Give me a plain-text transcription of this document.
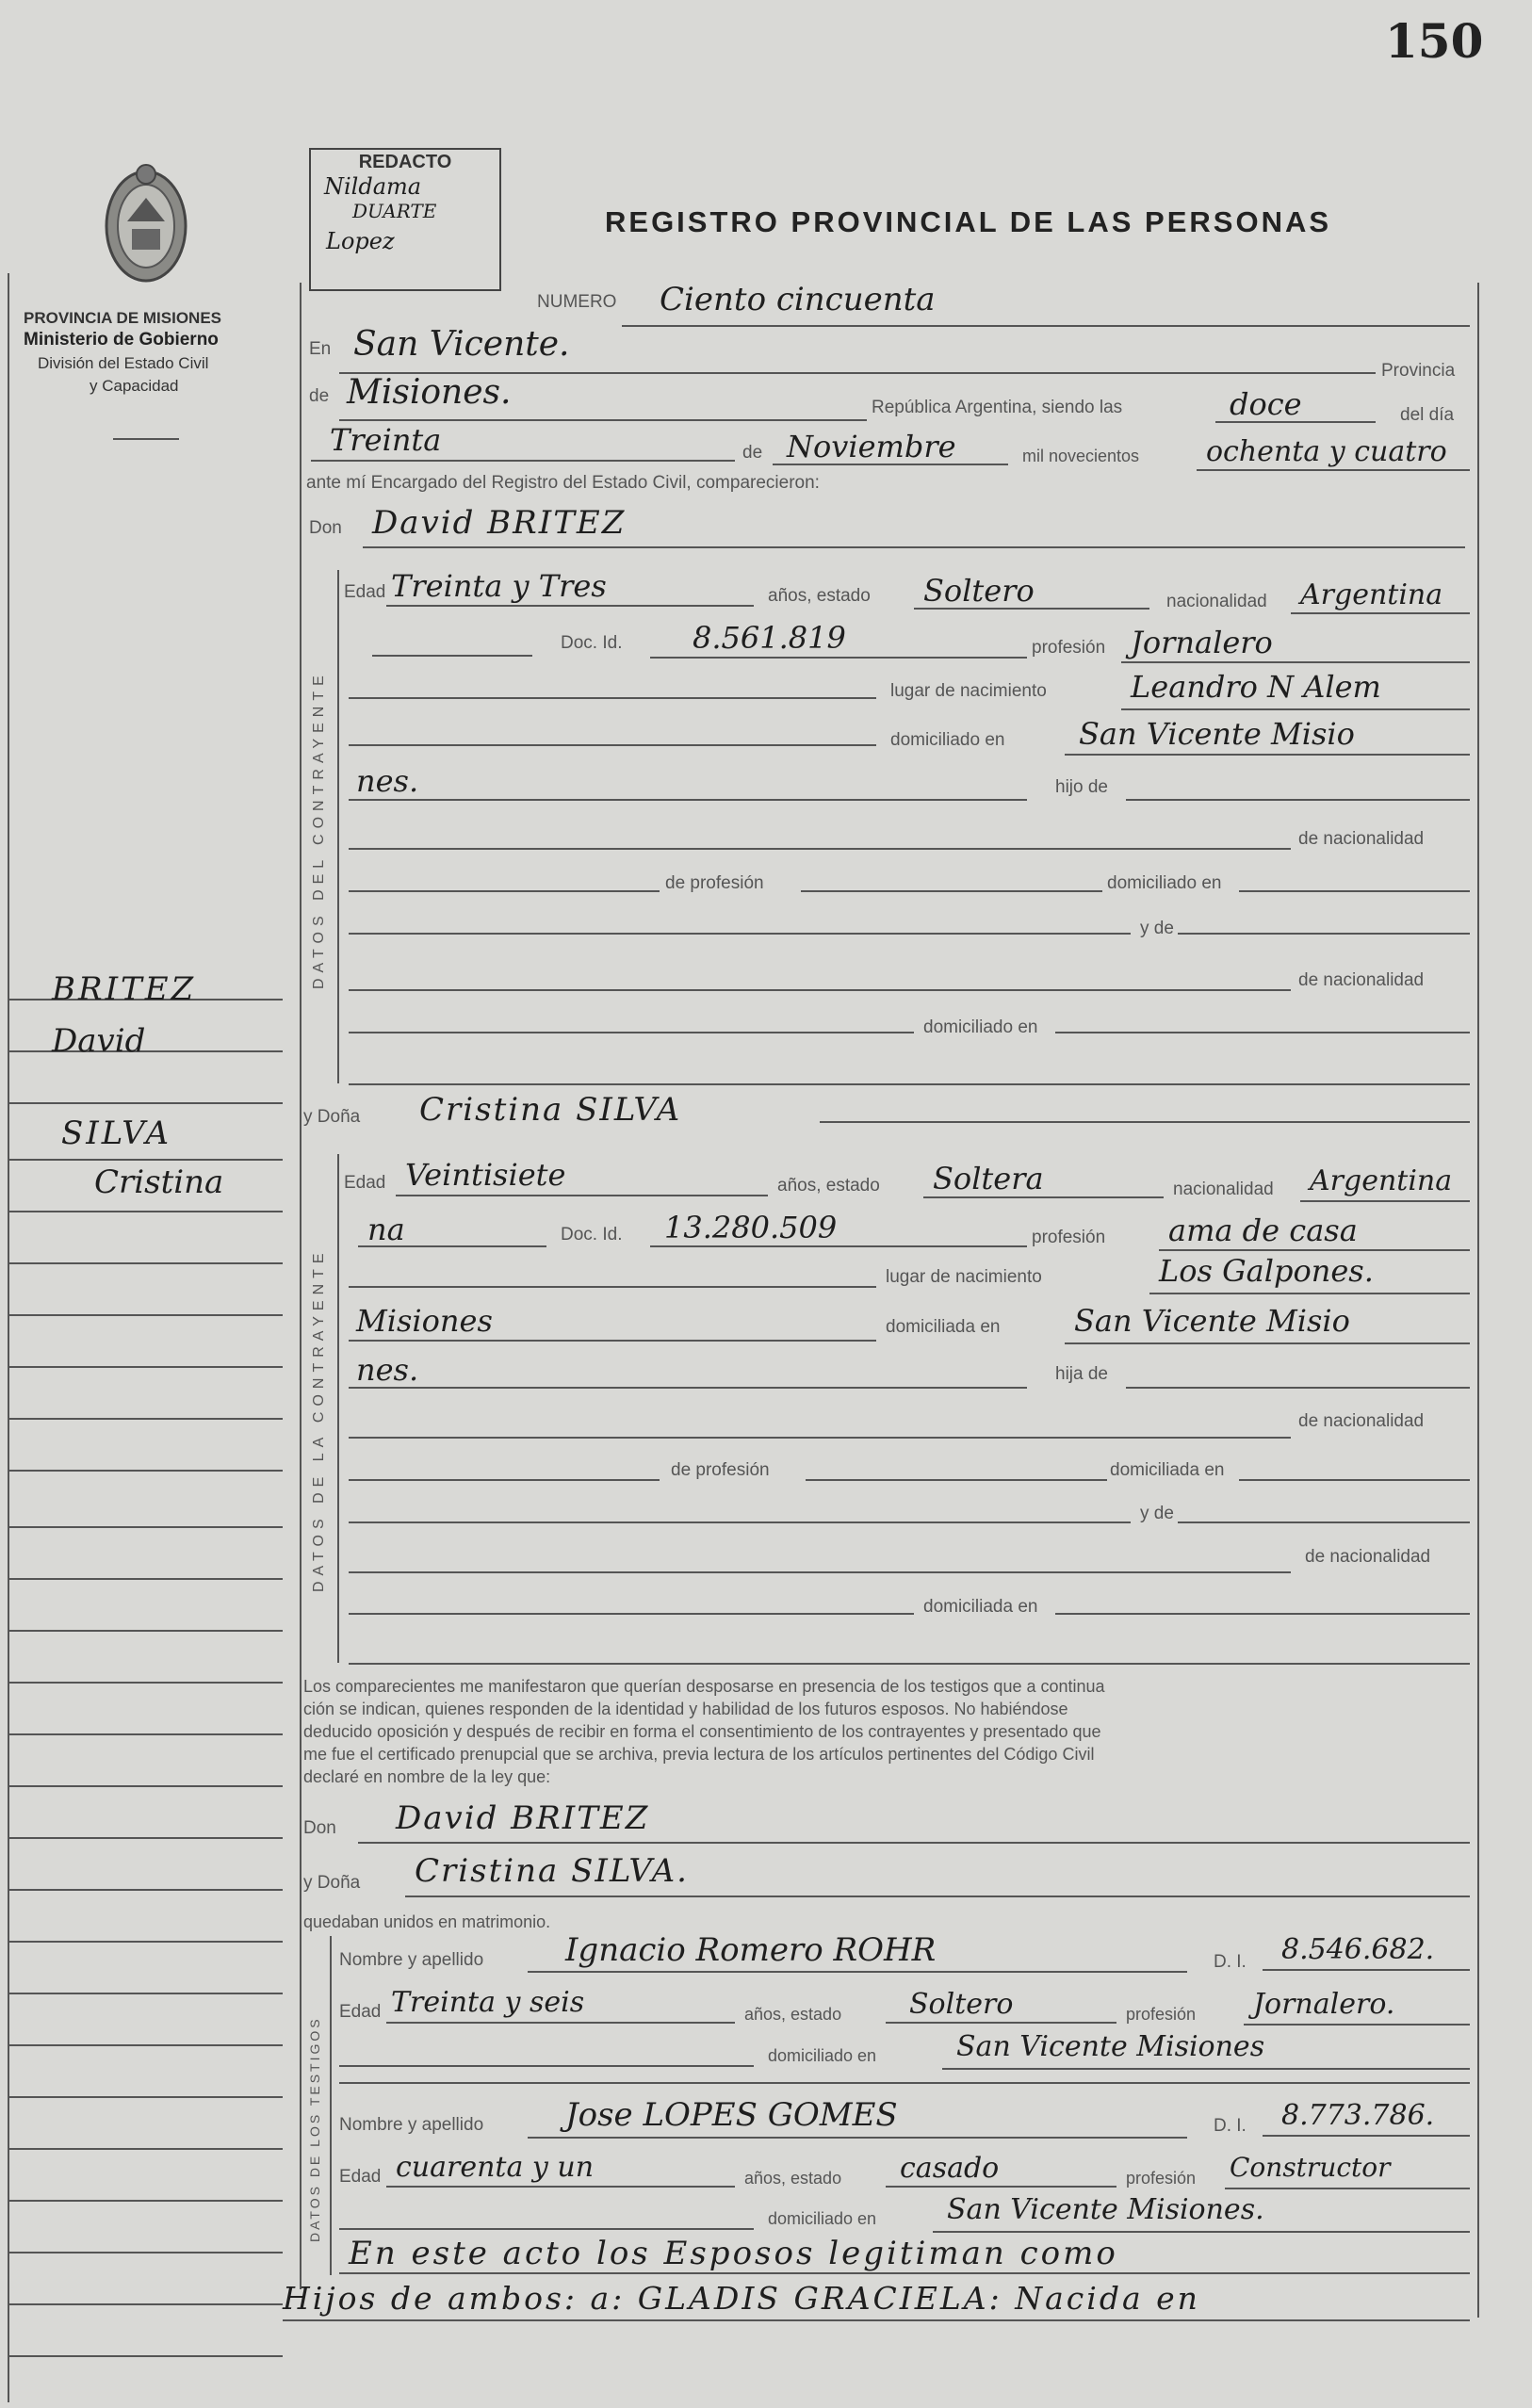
150
PROVINCIA DE MISIONES
Ministerio de Gobierno
División del Estado Civil
y Capacidad
REDACTO
Nildama
DUARTE
Lopez
REGISTRO PROVINCIAL DE LAS PERSONAS
BRITEZ
David
SILVA
Cristina
NUMERO Ciento cincuenta
En San Vicente.
Provincia
de Misiones.	República Argentina, siendo las	doce	del día
Treinta	de Noviembre	mil novecientos ochenta y cuatro
ante mí Encargado del Registro del Estado Civil, comparecieron:
Don David BRITEZ
DATOS DEL CONTRAYENTE
Edad Treinta y Tres	años, estado Soltero	nacionalidad Argentina
Doc. Id. 8.561.819	profesión Jornalero
lugar de nacimiento	Leandro N Alem
domiciliado en San Vicente Misio
nes.	hijo de
de nacionalidad
de profesión	domiciliado en
y de
de nacionalidad
domiciliado en
y Doña Cristina SILVA
DATOS DE LA CONTRAYENTE
Edad Veintisiete	años, estado Soltera	nacionalidad Argentina
na	Doc. Id. 13.280.509	profesión ama de casa
lugar de nacimiento	Los Galpones.
Misiones	domiciliada en San Vicente Misio
nes.	hija de
de nacionalidad
de profesión	domiciliada en
y de
de nacionalidad
domiciliada en
Los comparecientes me manifestaron que querían desposarse en presencia de los testigos que a continua
ción se indican, quienes responden de la identidad y habilidad de los futuros esposos. No habiéndose
deducido oposición y después de recibir en forma el consentimiento de los contrayentes y presentado que
me fue el certificado prenupcial que se archiva, previa lectura de los artículos pertinentes del Código Civil
declaré en nombre de la ley que:
Don David BRITEZ
y Doña Cristina SILVA.
quedaban unidos en matrimonio.
DATOS DE LOS TESTIGOS
Nombre y apellido	Ignacio Romero ROHR	D. I. 8.546.682.
Edad Treinta y seis	años, estado Soltero	profesión Jornalero.
domiciliado en	San Vicente Misiones
Nombre y apellido	Jose LOPES GOMES	D. I. 8.773.786.
Edad cuarenta y un	años, estado casado	profesión Constructor
domiciliado en San Vicente Misiones.
En este acto los Esposos legitiman como
Hijos de ambos: a: GLADIS GRACIELA: Nacida en
